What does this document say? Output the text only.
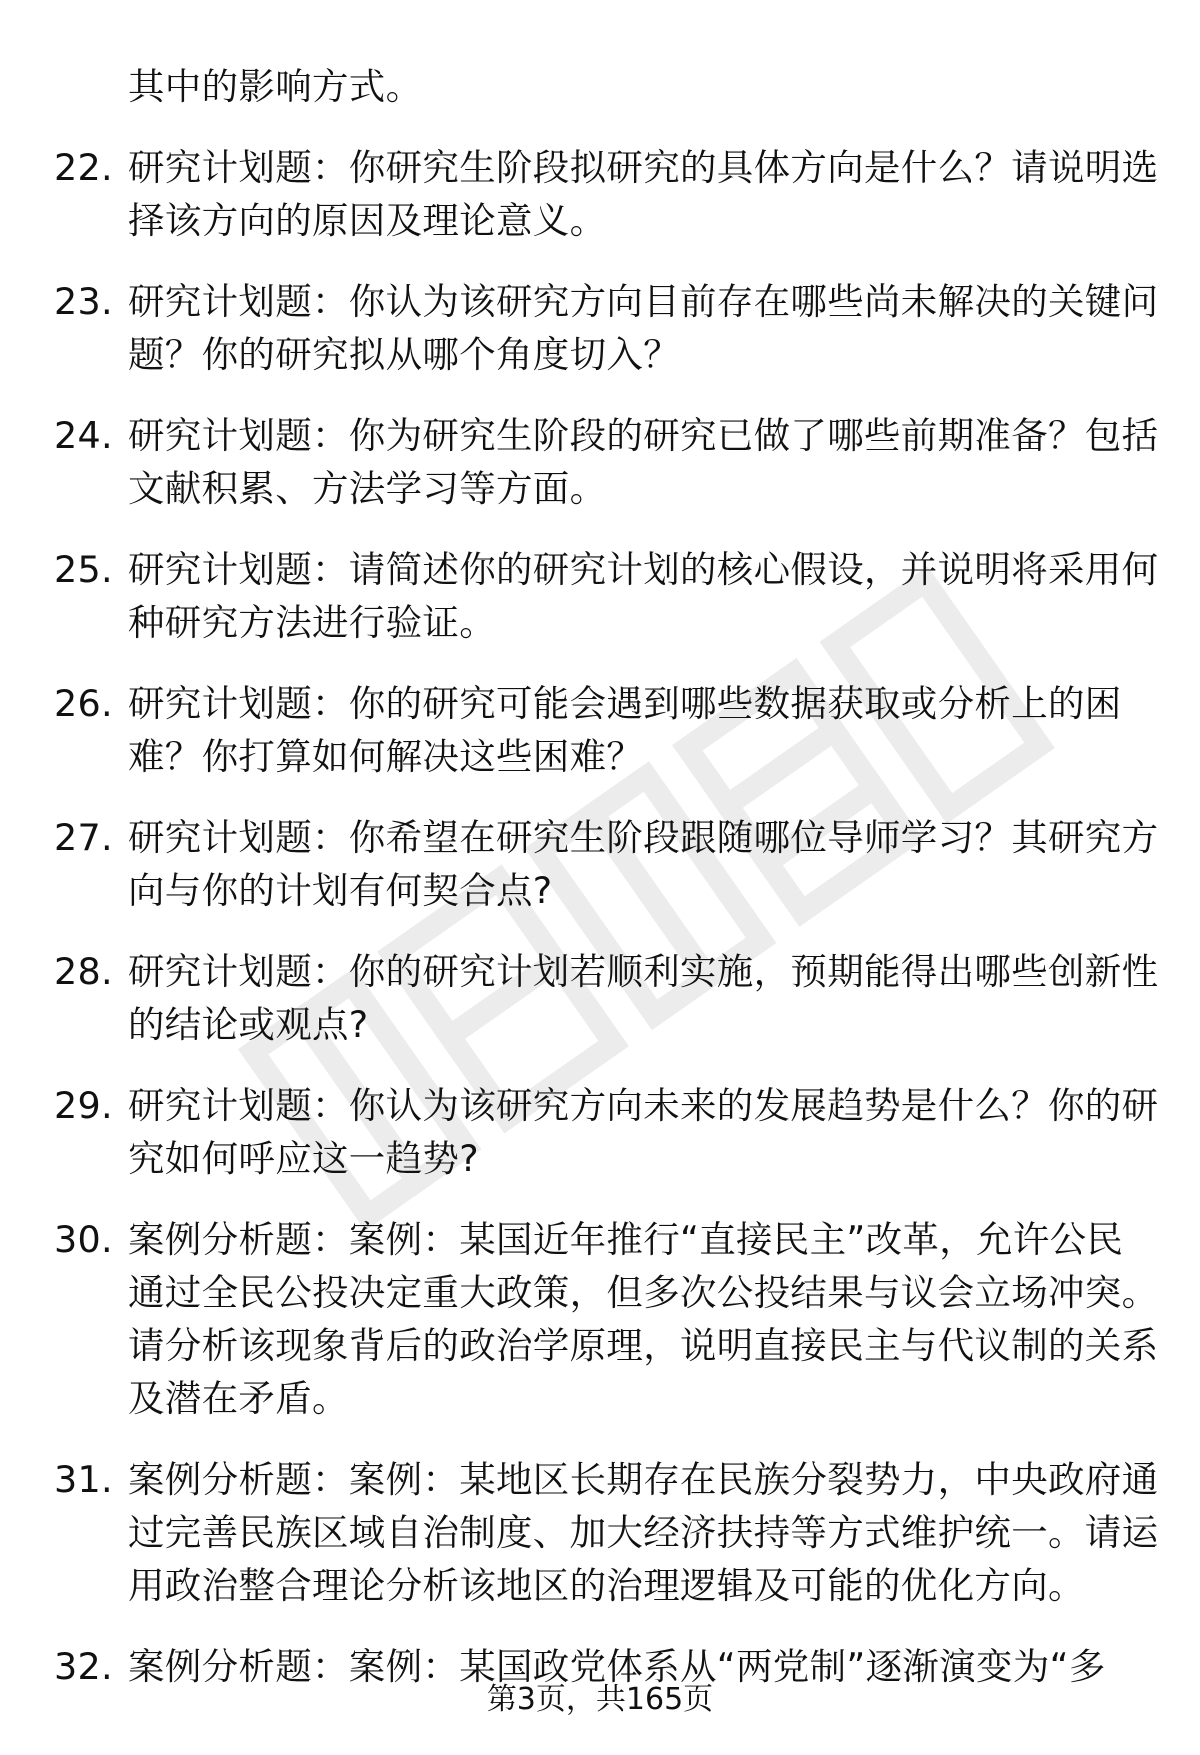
其中的影响方式。
22. 研究计划题：你研究生阶段拟研究的具体方向是什么？请说明选
择该方向的原因及理论意义。
23. 研究计划题：你认为该研究方向目前存在哪些尚未解决的关键问
题？你的研究拟从哪个角度切入？
24. 研究计划题：你为研究生阶段的研究已做了哪些前期准备？包括
文献积累、方法学习等方面。
25. 研究计划题：请简述你的研究计划的核心假设，并说明将采用何
种研究方法进行验证。
26. 研究计划题：你的研究可能会遇到哪些数据获取或分析上的困
难？你打算如何解决这些困难？
27. 研究计划题：你希望在研究生阶段跟随哪位导师学习？其研究方
向与你的计划有何契合点?
28. 研究计划题：你的研究计划若顺利实施，预期能得出哪些创新性
的结论或观点?
29. 研究计划题：你认为该研究方向未来的发展趋势是什么？你的研
究如何呼应这一趋势?
30. 案例分析题：案例：某国近年推行“直接民主”改革，允许公民
通过全民公投决定重大政策，但多次公投结果与议会立场冲突。
请分析该现象背后的政治学原理，说明直接民主与代议制的关系
及潜在矛盾。
31. 案例分析题：案例：某地区长期存在民族分裂势力，中央政府通
过完善民族区域自治制度、加大经济扶持等方式维护统一。请运
用政治整合理论分析该地区的治理逻辑及可能的优化方向。
32. 案例分析题：案例：某国政党体系从“两党制”逐渐演变为“多
第3页，共165页
